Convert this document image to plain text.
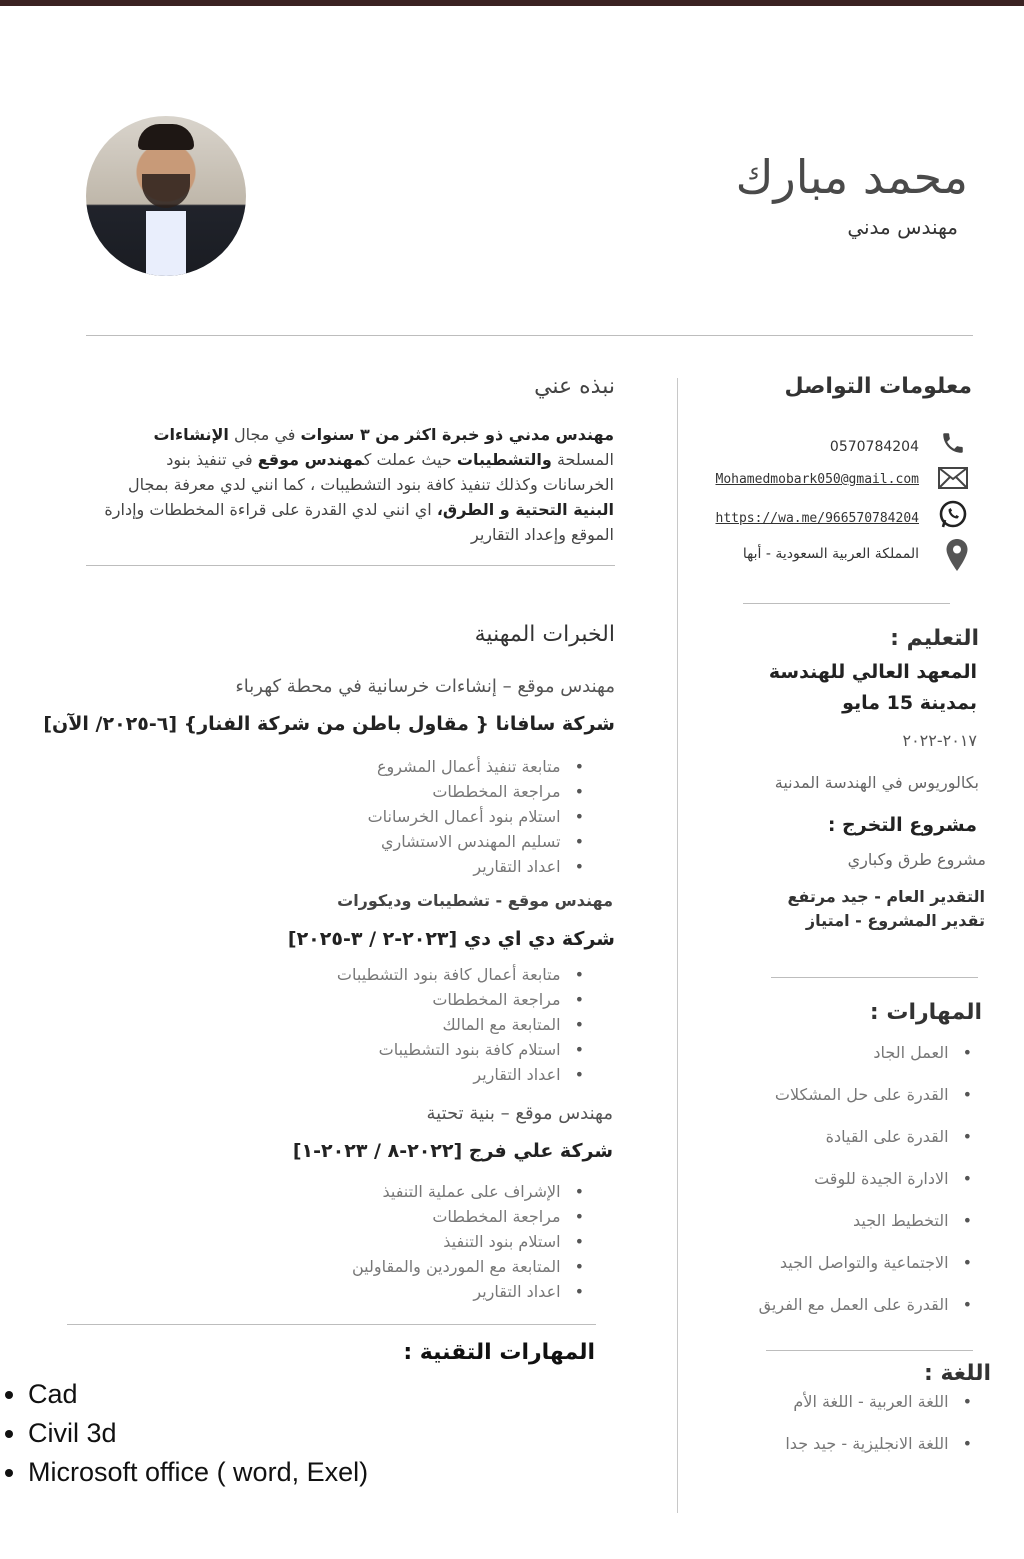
محمد مبارك
مهندس مدني
معلومات التواصل
0570784204
Mohamedmobark050@gmail.com
https://wa.me/966570784204
المملكة العربية السعودية - أبها
التعليم :
المعهد العالي للهندسة
بمدينة 15 مايو
٢٠١٧-٢٠٢٢
بكالوريوس في الهندسة المدنية
مشروع التخرج :
مشروع طرق وكباري
التقدير العام - جيد مرتفع
تقدير المشروع - امتياز
المهارات :
• العمل الجاد
• القدرة على حل المشكلات
• القدرة على القيادة
• الادارة الجيدة للوقت
• التخطيط الجيد
• الاجتماعية والتواصل الجيد
• القدرة على العمل مع الفريق
اللغة :
• اللغة العربية - اللغة الأم
• اللغة الانجليزية - جيد جدا
نبذه عني
مهندس مدني ذو خبرة اكثر من ٣ سنوات في مجال الإنشاءات المسلحة والتشطيبات حيث عملت كمهندس موقع في تنفيذ بنود الخرسانات وكذلك تنفيذ كافة بنود التشطيبات ، كما انني لدي معرفة بمجال البنية التحتية و الطرق، اي انني لدي القدرة على قراءة المخططات وإدارة الموقع وإعداد التقارير
الخبرات المهنية
مهندس موقع – إنشاءات خرسانية في محطة كهرباء
شركة سافانا { مقاول باطن من شركة الفنار} [٦-٢٠٢٥/ الآن]
• متابعة تنفيذ أعمال المشروع
• مراجعة المخططات
• استلام بنود أعمال الخرسانات
• تسليم المهندس الاستشاري
• اعداد التقارير
مهندس موقع - تشطيبات وديكورات
شركة دي اي دي [٢٠٢٣-٢ / ٣-٢٠٢٥]
• متابعة أعمال كافة بنود التشطيبات
• مراجعة المخططات
• المتابعة مع المالك
• استلام كافة بنود التشطيبات
• اعداد التقارير
مهندس موقع – بنية تحتية
شركة علي فرج [٢٠٢٢-٨ / ٢٠٢٣-١]
• الإشراف على عملية التنفيذ
• مراجعة المخططات
• استلام بنود التنفيذ
• المتابعة مع الموردين والمقاولين
• اعداد التقارير
المهارات التقنية :
• Cad
• Civil 3d
• Microsoft office ( word, Exel)
